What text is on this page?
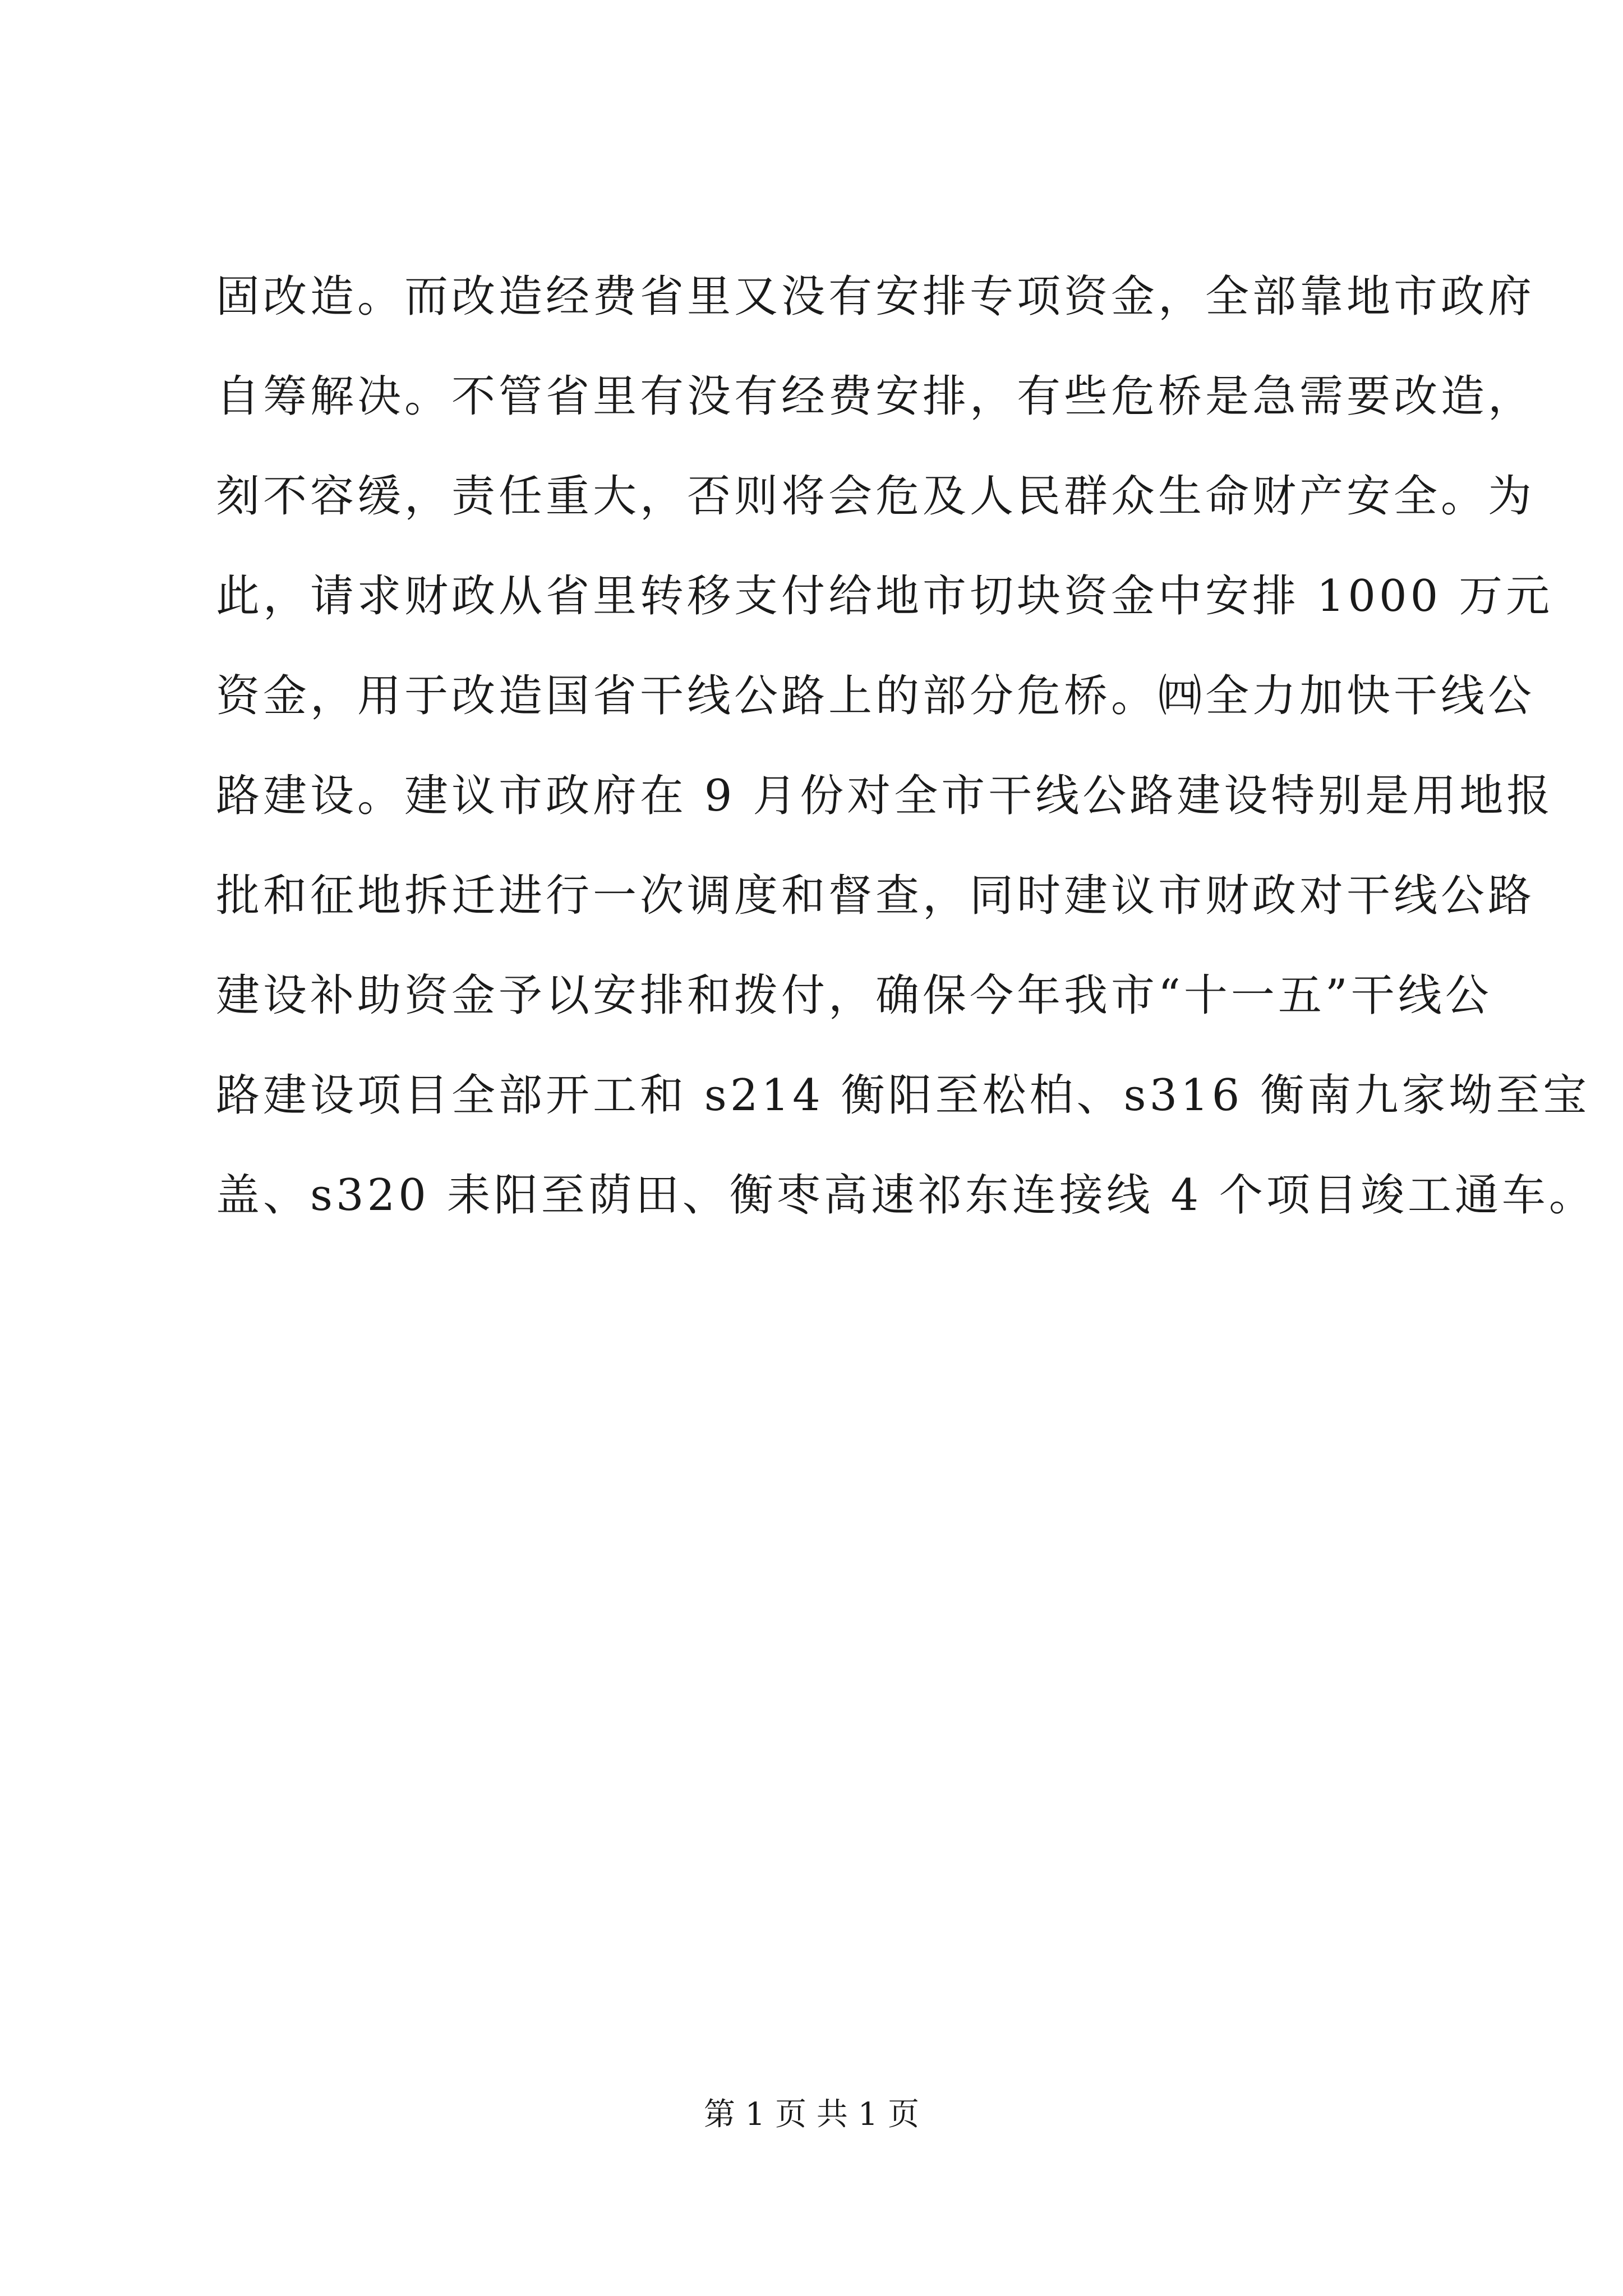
固改造。而改造经费省里又没有安排专项资金，全部靠地市政府
自筹解决。不管省里有没有经费安排，有些危桥是急需要改造，
刻不容缓，责任重大，否则将会危及人民群众生命财产安全。为
此，请求财政从省里转移支付给地市切块资金中安排 1000 万元
资金，用于改造国省干线公路上的部分危桥。㈣全力加快干线公
路建设。建议市政府在 9 月份对全市干线公路建设特别是用地报
批和征地拆迁进行一次调度和督查，同时建议市财政对干线公路
建设补助资金予以安排和拨付，确保今年我市“十一五”干线公
路建设项目全部开工和 s214 衡阳至松柏、s316 衡南九家坳至宝
盖、s320 耒阳至荫田、衡枣高速祁东连接线 4 个项目竣工通车。
第 1 页 共 1 页
